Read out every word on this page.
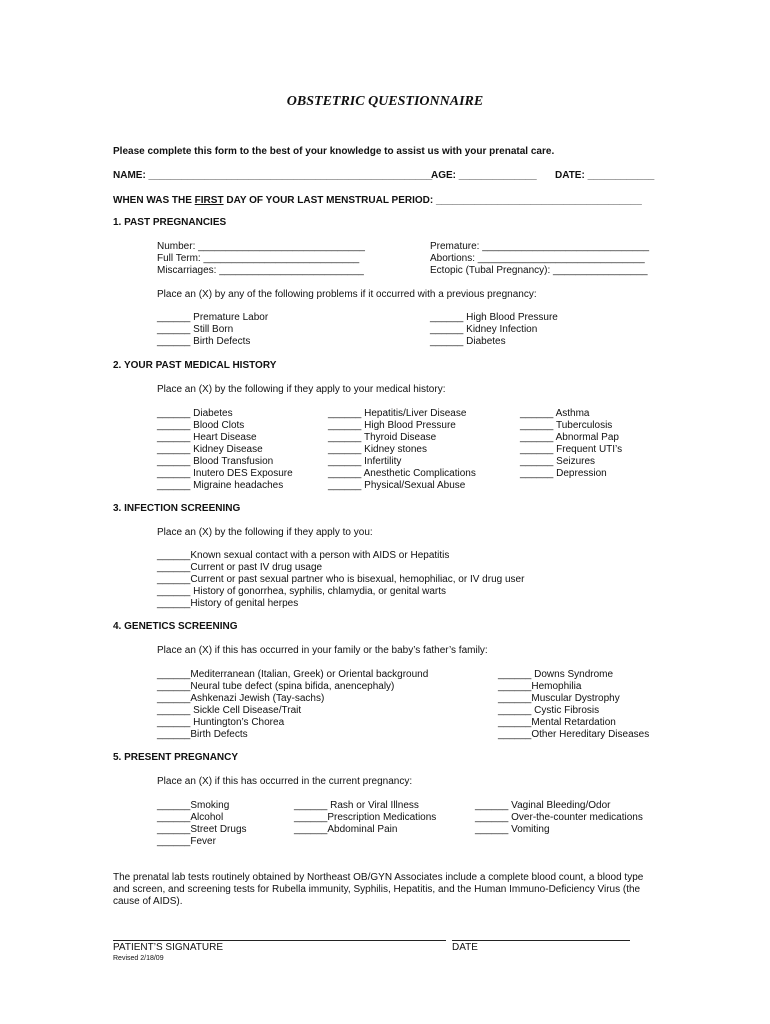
OBSTETRIC QUESTIONNAIRE
Please complete this form to the best of your knowledge to assist us with your prenatal care.
NAME: ___________________________________________________
AGE: ______________ DATE: ____________
WHEN WAS THE FIRST DAY OF YOUR LAST MENSTRUAL PERIOD: _____________________________________
1. PAST PREGNANCIES
Number: ______________________________
Full Term: ____________________________
Miscarriages: __________________________
Premature: ______________________________
Abortions: ______________________________
Ectopic (Tubal Pregnancy): _________________
Place an (X) by any of the following problems if it occurred with a previous pregnancy:
______ Premature Labor
______ Still Born
______ Birth Defects
______ High Blood Pressure
______ Kidney Infection
______ Diabetes
2. YOUR PAST MEDICAL HISTORY
Place an (X) by the following if they apply to your medical history:
______ Diabetes
______ Blood Clots
______ Heart Disease
______ Kidney Disease
______ Blood Transfusion
______ Inutero DES Exposure
______ Migraine headaches
______ Hepatitis/Liver Disease
______ High Blood Pressure
______ Thyroid Disease
______ Kidney stones
______ Infertility
______ Anesthetic Complications
______ Physical/Sexual Abuse
______ Asthma
______ Tuberculosis
______ Abnormal Pap
______ Frequent UTI’s
______ Seizures
______ Depression
3. INFECTION SCREENING
Place an (X) by the following if they apply to you:
______Known sexual contact with a person with AIDS or Hepatitis
______Current or past IV drug usage
______Current or past sexual partner who is bisexual, hemophiliac, or IV drug user
______ History of gonorrhea, syphilis, chlamydia, or genital warts
______History of genital herpes
4. GENETICS SCREENING
Place an (X) if this has occurred in your family or the baby’s father’s family:
______Mediterranean (Italian, Greek) or Oriental background
______Neural tube defect (spina bifida, anencephaly)
______Ashkenazi Jewish (Tay-sachs)
______ Sickle Cell Disease/Trait
______ Huntington’s Chorea
______Birth Defects
______ Downs Syndrome
______Hemophilia
______Muscular Dystrophy
______ Cystic Fibrosis
______Mental Retardation
______Other Hereditary Diseases
5. PRESENT PREGNANCY
Place an (X) if this has occurred in the current pregnancy:
______Smoking
______Alcohol
______Street Drugs
______Fever
______ Rash or Viral Illness
______Prescription Medications
______Abdominal Pain
______ Vaginal Bleeding/Odor
______ Over-the-counter medications
______ Vomiting
The prenatal lab tests routinely obtained by Northeast OB/GYN Associates include a complete blood count, a blood type
and screen, and screening tests for Rubella immunity, Syphilis, Hepatitis, and the Human Immuno-Deficiency Virus (the
cause of AIDS).
PATIENT’S SIGNATURE	DATE
Revised 2/18/09
